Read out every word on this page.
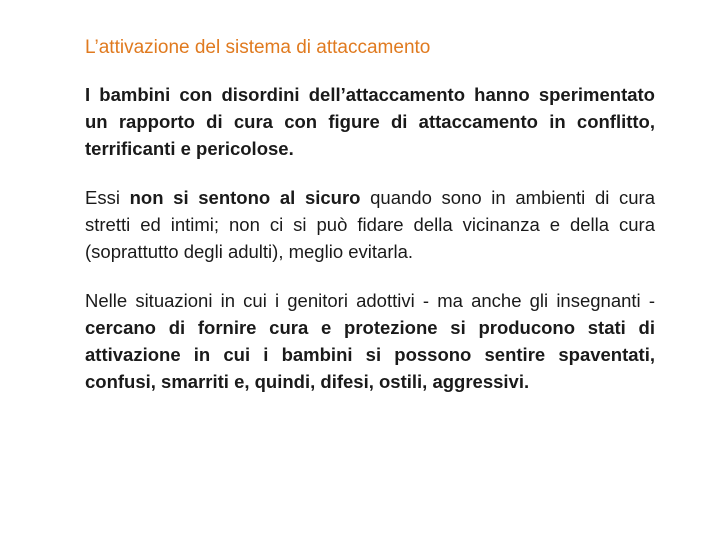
L’attivazione del sistema di attaccamento

I bambini con disordini dell’attaccamento hanno sperimentato un rapporto di cura con figure di attaccamento in conflitto, terrificanti e pericolose.

Essi non si sentono al sicuro quando sono in ambienti di cura stretti ed intimi; non ci si può fidare della vicinanza e della cura (soprattutto degli adulti), meglio evitarla.

Nelle situazioni in cui i genitori adottivi - ma anche gli insegnanti - cercano di fornire cura e protezione si producono stati di attivazione in cui i bambini si possono sentire spaventati, confusi, smarriti e, quindi, difesi, ostili, aggressivi.
